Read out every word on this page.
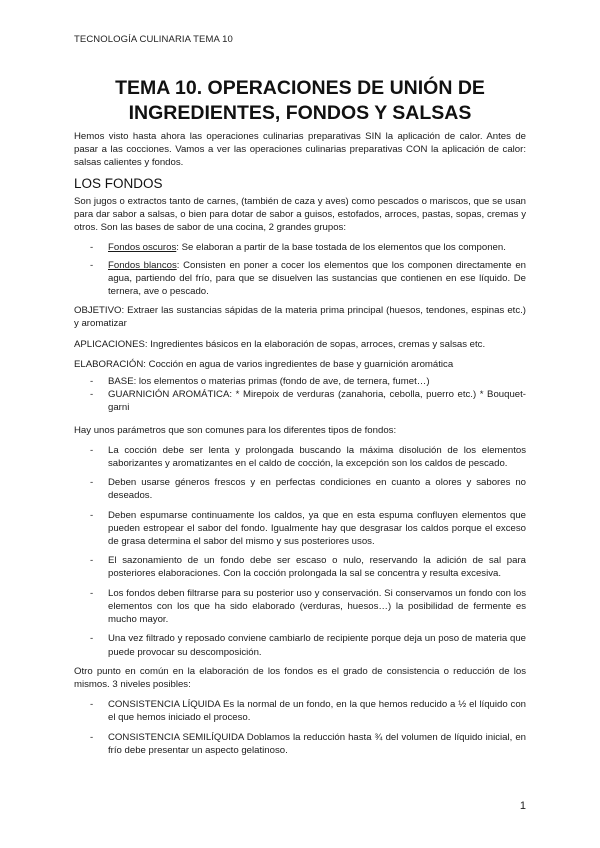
TECNOLOGÍA CULINARIA TEMA 10
TEMA 10. OPERACIONES DE UNIÓN DE
INGREDIENTES, FONDOS Y SALSAS

Hemos visto hasta ahora las operaciones culinarias preparativas SIN la aplicación de calor. Antes de pasar a las cocciones. Vamos a ver las operaciones culinarias preparativas CON la aplicación de calor: salsas calientes y fondos.

LOS FONDOS

Son jugos o extractos tanto de carnes, (también de caza y aves) como pescados o mariscos, que se usan para dar sabor a salsas, o bien para dotar de sabor a guisos, estofados, arroces, pastas, sopas, cremas y otros. Son las bases de sabor de una cocina, 2 grandes grupos:

- Fondos oscuros: Se elaboran a partir de la base tostada de los elementos que los componen.
- Fondos blancos: Consisten en poner a cocer los elementos que los componen directamente en agua, partiendo del frío, para que se disuelven las sustancias que contienen en ese líquido. De ternera, ave o pescado.

OBJETIVO: Extraer las sustancias sápidas de la materia prima principal (huesos, tendones, espinas etc.) y aromatizar

APLICACIONES: Ingredientes básicos en la elaboración de sopas, arroces, cremas y salsas etc.

ELABORACIÓN: Cocción en agua de varios ingredientes de base y guarnición aromática

- BASE: los elementos o materias primas (fondo de ave, de ternera, fumet…)
- GUARNICIÓN AROMÁTICA: * Mirepoix de verduras (zanahoria, cebolla, puerro etc.) * Bouquet-garni

Hay unos parámetros que son comunes para los diferentes tipos de fondos:

- La cocción debe ser lenta y prolongada buscando la máxima disolución de los elementos saborizantes y aromatizantes en el caldo de cocción, la excepción son los caldos de pescado.
- Deben usarse géneros frescos y en perfectas condiciones en cuanto a olores y sabores no deseados.
- Deben espumarse continuamente los caldos, ya que en esta espuma confluyen elementos que pueden estropear el sabor del fondo. Igualmente hay que desgrasar los caldos porque el exceso de grasa determina el sabor del mismo y sus posteriores usos.
- El sazonamiento de un fondo debe ser escaso o nulo, reservando la adición de sal para posteriores elaboraciones. Con la cocción prolongada la sal se concentra y resulta excesiva.
- Los fondos deben filtrarse para su posterior uso y conservación. Si conservamos un fondo con los elementos con los que ha sido elaborado (verduras, huesos…) la posibilidad de fermente es mucho mayor.
- Una vez filtrado y reposado conviene cambiarlo de recipiente porque deja un poso de materia que puede provocar su descomposición.

Otro punto en común en la elaboración de los fondos es el grado de consistencia o reducción de los mismos. 3 niveles posibles:

- CONSISTENCIA LÍQUIDA Es la normal de un fondo, en la que hemos reducido a ½ el líquido con el que hemos iniciado el proceso.
- CONSISTENCIA SEMILÍQUIDA Doblamos la reducción hasta ¾ del volumen de líquido inicial, en frío debe presentar un aspecto gelatinoso.
1
